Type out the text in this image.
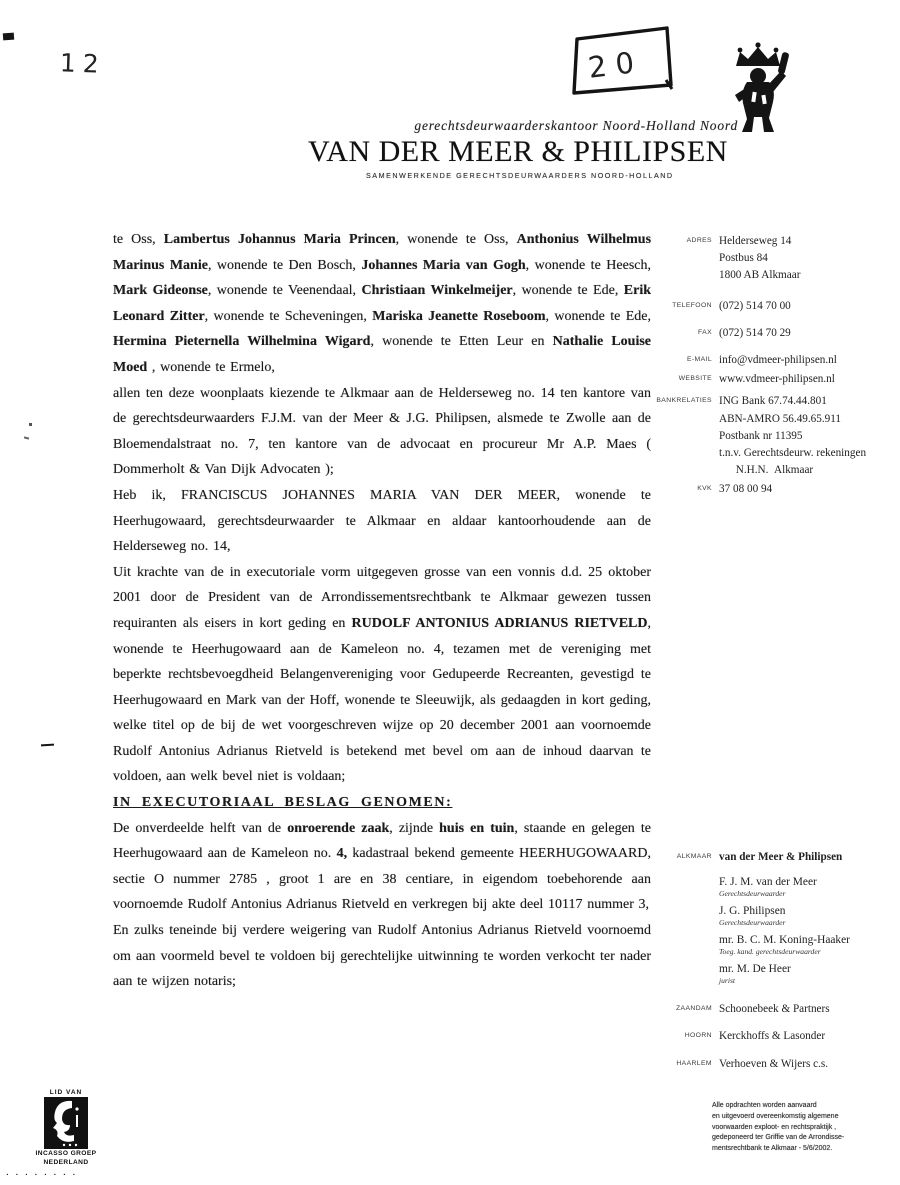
12	20
gerechtsdeurwaarderskantoor Noord-Holland Noord
VAN DER MEER & PHILIPSEN
SAMENWERKENDE GERECHTSDEURWAARDERS NOORD-HOLLAND

te Oss, Lambertus Johannus Maria Princen, wonende te Oss, Anthonius Wilhelmus Marinus Manie, wonende te Den Bosch, Johannes Maria van Gogh, wonende te Heesch, Mark Gideonse, wonende te Veenendaal, Christiaan Winkelmeijer, wonende te Ede, Erik Leonard Zitter, wonende te Scheveningen, Mariska Jeanette Roseboom, wonende te Ede, Hermina Pieternella Wilhelmina Wigard, wonende te Etten Leur en Nathalie Louise Moed , wonende te Ermelo,

allen ten deze woonplaats kiezende te Alkmaar aan de Helderseweg no. 14 ten kantore van de gerechtsdeurwaarders F.J.M. van der Meer & J.G. Philipsen, alsmede te Zwolle aan de Bloemendalstraat no. 7, ten kantore van de advocaat en procureur Mr A.P. Maes ( Dommerholt & Van Dijk Advocaten );

Heb ik, FRANCISCUS JOHANNES MARIA VAN DER MEER, wonende te Heerhugowaard, gerechtsdeurwaarder te Alkmaar en aldaar kantoorhoudende aan de Helderseweg no. 14,

Uit krachte van de in executoriale vorm uitgegeven grosse van een vonnis d.d. 25 oktober 2001 door de President van de Arrondissementsrechtbank te Alkmaar gewezen tussen requiranten als eisers in kort geding en RUDOLF ANTONIUS ADRIANUS RIETVELD, wonende te Heerhugowaard aan de Kameleon no. 4, tezamen met de vereniging met beperkte rechtsbevoegdheid Belangenvereniging voor Gedupeerde Recreanten, gevestigd te Heerhugowaard en Mark van der Hoff, wonende te Sleeuwijk, als gedaagden in kort geding, welke titel op de bij de wet voorgeschreven wijze op 20 december 2001 aan voornoemde Rudolf Antonius Adrianus Rietveld is betekend met bevel om aan de inhoud daarvan te voldoen, aan welk bevel niet is voldaan;

IN EXECUTORIAAL BESLAG GENOMEN:

De onverdeelde helft van de onroerende zaak, zijnde huis en tuin, staande en gelegen te Heerhugowaard aan de Kameleon no. 4, kadastraal bekend gemeente HEERHUGOWAARD, sectie O nummer 2785 , groot 1 are en 38 centiare, in eigendom toebehorende aan voornoemde Rudolf Antonius Adrianus Rietveld en verkregen bij akte deel 10117 nummer 3,

En zulks teneinde bij verdere weigering van Rudolf Antonius Adrianus Rietveld voornoemd om aan voormeld bevel te voldoen bij gerechtelijke uitwinning te worden verkocht ter nader aan te wijzen notaris;

ADRES Helderseweg 14
Postbus 84
1800 AB Alkmaar
TELEFOON (072) 514 70 00
FAX (072) 514 70 29
E-MAIL info@vdmeer-philipsen.nl
WEBSITE www.vdmeer-philipsen.nl
BANKRELATIES ING Bank 67.74.44.801
ABN-AMRO 56.49.65.911
Postbank nr 11395
t.n.v. Gerechtsdeurw. rekeningen
N.H.N.  Alkmaar
KVK 37 08 00 94
ALKMAAR van der Meer & Philipsen
F. J. M. van der Meer
Gerechtsdeurwaarder
J. G. Philipsen
Gerechtsdeurwaarder
mr. B. C. M. Koning-Haaker
Toeg. kand. gerechtsdeurwaarder
mr. M. De Heer
jurist
ZAANDAM Schoonebeek & Partners
HOORN Kerckhoffs & Lasonder
HAARLEM Verhoeven & Wijers c.s.
Alle opdrachten worden aanvaard
en uitgevoerd overeenkomstig algemene
voorwaarden exploot- en rechtspraktijk ,
gedeponeerd ter Griffie van de Arrondisse-
mentsrechtbank te Alkmaar - 5/6/2002.
LID VAN
INCASSO GROEP
NEDERLAND
. . . . . . . .
